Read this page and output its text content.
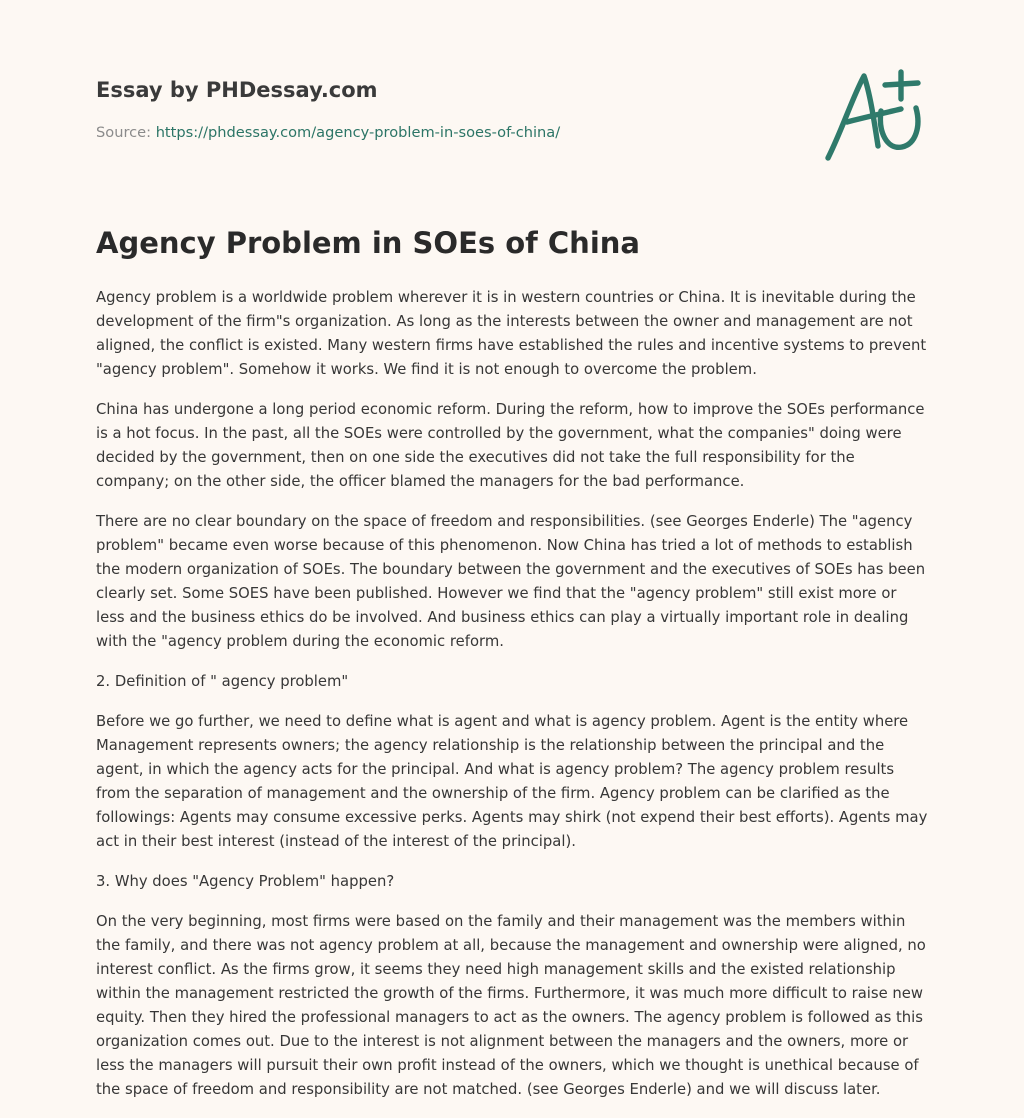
Essay by PHDessay.com
Source: https://phdessay.com/agency-problem-in-soes-of-china/
Agency Problem in SOEs of China

Agency problem is a worldwide problem wherever it is in western countries or China. It is inevitable during the development of the firm"s organization. As long as the interests between the owner and management are not aligned, the conflict is existed. Many western firms have established the rules and incentive systems to prevent "agency problem". Somehow it works. We find it is not enough to overcome the problem.

China has undergone a long period economic reform. During the reform, how to improve the SOEs performance is a hot focus. In the past, all the SOEs were controlled by the government, what the companies" doing were decided by the government, then on one side the executives did not take the full responsibility for the company; on the other side, the officer blamed the managers for the bad performance.

There are no clear boundary on the space of freedom and responsibilities. (see Georges Enderle) The "agency problem" became even worse because of this phenomenon. Now China has tried a lot of methods to establish the modern organization of SOEs. The boundary between the government and the executives of SOEs has been clearly set. Some SOES have been published. However we find that the "agency problem" still exist more or less and the business ethics do be involved. And business ethics can play a virtually important role in dealing with the "agency problem during the economic reform.

2. Definition of " agency problem"

Before we go further, we need to define what is agent and what is agency problem. Agent is the entity where Management represents owners; the agency relationship is the relationship between the principal and the agent, in which the agency acts for the principal. And what is agency problem? The agency problem results from the separation of management and the ownership of the firm. Agency problem can be clarified as the followings: Agents may consume excessive perks. Agents may shirk (not expend their best efforts). Agents may act in their best interest (instead of the interest of the principal).

3. Why does "Agency Problem" happen?

On the very beginning, most firms were based on the family and their management was the members within the family, and there was not agency problem at all, because the management and ownership were aligned, no interest conflict. As the firms grow, it seems they need high management skills and the existed relationship within the management restricted the growth of the firms. Furthermore, it was much more difficult to raise new equity. Then they hired the professional managers to act as the owners. The agency problem is followed as this organization comes out. Due to the interest is not alignment between the managers and the owners, more or less the managers will pursuit their own profit instead of the owners, which we thought is unethical because of the space of freedom and responsibility are not matched. (see Georges Enderle) and we will discuss later.
